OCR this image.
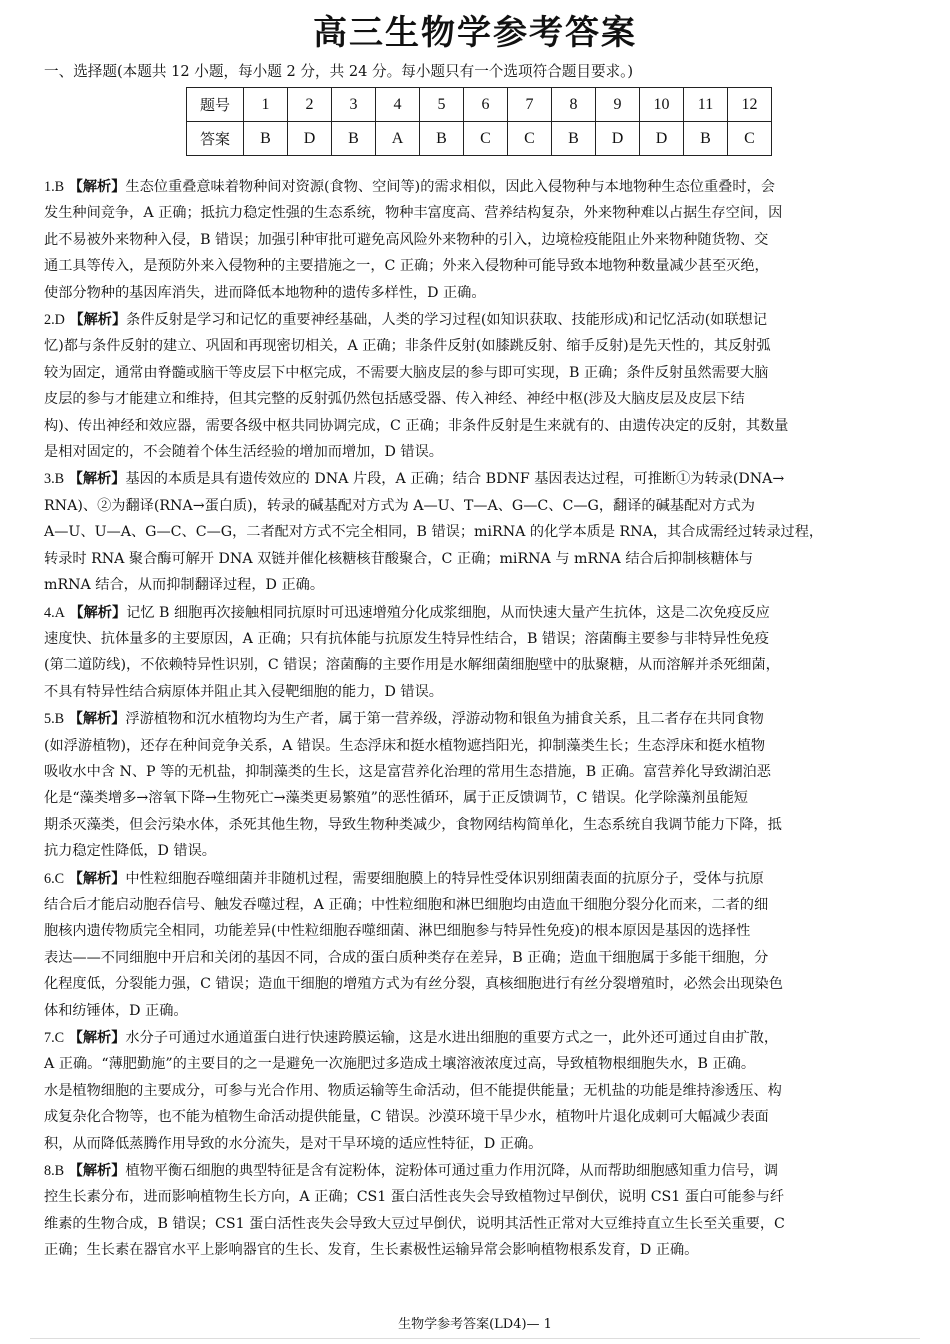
高三生物学参考答案
一、选择题(本题共 12 小题，每小题 2 分，共 24 分。每小题只有一个选项符合题目要求。)
题号	1	2	3	4	5	6	7	8	9	10	11	12
答案	B	D	B	A	B	C	C	B	D	D	B	C
1.B 【解析】生态位重叠意味着物种间对资源(食物、空间等)的需求相似，因此入侵物种与本地物种生态位重叠时，会
发生种间竞争，A 正确；抵抗力稳定性强的生态系统，物种丰富度高、营养结构复杂，外来物种难以占据生存空间，因
此不易被外来物种入侵，B 错误；加强引种审批可避免高风险外来物种的引入，边境检疫能阻止外来物种随货物、交
通工具等传入，是预防外来入侵物种的主要措施之一，C 正确；外来入侵物种可能导致本地物种数量减少甚至灭绝，
使部分物种的基因库消失，进而降低本地物种的遗传多样性，D 正确。
2.D 【解析】条件反射是学习和记忆的重要神经基础，人类的学习过程(如知识获取、技能形成)和记忆活动(如联想记
忆)都与条件反射的建立、巩固和再现密切相关，A 正确；非条件反射(如膝跳反射、缩手反射)是先天性的，其反射弧
较为固定，通常由脊髓或脑干等皮层下中枢完成，不需要大脑皮层的参与即可实现，B 正确；条件反射虽然需要大脑
皮层的参与才能建立和维持，但其完整的反射弧仍然包括感受器、传入神经、神经中枢(涉及大脑皮层及皮层下结
构)、传出神经和效应器，需要各级中枢共同协调完成，C 正确；非条件反射是生来就有的、由遗传决定的反射，其数量
是相对固定的，不会随着个体生活经验的增加而增加，D 错误。
3.B 【解析】基因的本质是具有遗传效应的 DNA 片段，A 正确；结合 BDNF 基因表达过程，可推断①为转录(DNA→
RNA)、②为翻译(RNA→蛋白质)，转录的碱基配对方式为 A—U、T—A、G—C、C—G，翻译的碱基配对方式为
A—U、U—A、G—C、C—G，二者配对方式不完全相同，B 错误；miRNA 的化学本质是 RNA，其合成需经过转录过程，
转录时 RNA 聚合酶可解开 DNA 双链并催化核糖核苷酸聚合，C 正确；miRNA 与 mRNA 结合后抑制核糖体与
mRNA 结合，从而抑制翻译过程，D 正确。
4.A 【解析】记忆 B 细胞再次接触相同抗原时可迅速增殖分化成浆细胞，从而快速大量产生抗体，这是二次免疫反应
速度快、抗体量多的主要原因，A 正确；只有抗体能与抗原发生特异性结合，B 错误；溶菌酶主要参与非特异性免疫
(第二道防线)，不依赖特异性识别，C 错误；溶菌酶的主要作用是水解细菌细胞壁中的肽聚糖，从而溶解并杀死细菌，
不具有特异性结合病原体并阻止其入侵靶细胞的能力，D 错误。
5.B 【解析】浮游植物和沉水植物均为生产者，属于第一营养级，浮游动物和银鱼为捕食关系，且二者存在共同食物
(如浮游植物)，还存在种间竞争关系，A 错误。生态浮床和挺水植物遮挡阳光，抑制藻类生长；生态浮床和挺水植物
吸收水中含 N、P 等的无机盐，抑制藻类的生长，这是富营养化治理的常用生态措施，B 正确。富营养化导致湖泊恶
化是“藻类增多→溶氧下降→生物死亡→藻类更易繁殖”的恶性循环，属于正反馈调节，C 错误。化学除藻剂虽能短
期杀灭藻类，但会污染水体，杀死其他生物，导致生物种类减少，食物网结构简单化，生态系统自我调节能力下降，抵
抗力稳定性降低，D 错误。
6.C 【解析】中性粒细胞吞噬细菌并非随机过程，需要细胞膜上的特异性受体识别细菌表面的抗原分子，受体与抗原
结合后才能启动胞吞信号、触发吞噬过程，A 正确；中性粒细胞和淋巴细胞均由造血干细胞分裂分化而来，二者的细
胞核内遗传物质完全相同，功能差异(中性粒细胞吞噬细菌、淋巴细胞参与特异性免疫)的根本原因是基因的选择性
表达——不同细胞中开启和关闭的基因不同，合成的蛋白质种类存在差异，B 正确；造血干细胞属于多能干细胞，分
化程度低，分裂能力强，C 错误；造血干细胞的增殖方式为有丝分裂，真核细胞进行有丝分裂增殖时，必然会出现染色
体和纺锤体，D 正确。
7.C 【解析】水分子可通过水通道蛋白进行快速跨膜运输，这是水进出细胞的重要方式之一，此外还可通过自由扩散，
A 正确。“薄肥勤施”的主要目的之一是避免一次施肥过多造成土壤溶液浓度过高，导致植物根细胞失水，B 正确。
水是植物细胞的主要成分，可参与光合作用、物质运输等生命活动，但不能提供能量；无机盐的功能是维持渗透压、构
成复杂化合物等，也不能为植物生命活动提供能量，C 错误。沙漠环境干旱少水，植物叶片退化成刺可大幅减少表面
积，从而降低蒸腾作用导致的水分流失，是对干旱环境的适应性特征，D 正确。
8.B 【解析】植物平衡石细胞的典型特征是含有淀粉体，淀粉体可通过重力作用沉降，从而帮助细胞感知重力信号，调
控生长素分布，进而影响植物生长方向，A 正确；CS1 蛋白活性丧失会导致植物过早倒伏，说明 CS1 蛋白可能参与纤
维素的生物合成，B 错误；CS1 蛋白活性丧失会导致大豆过早倒伏，说明其活性正常对大豆维持直立生长至关重要，C
正确；生长素在器官水平上影响器官的生长、发育，生长素极性运输异常会影响植物根系发育，D 正确。
生物学参考答案(LD4)— 1
